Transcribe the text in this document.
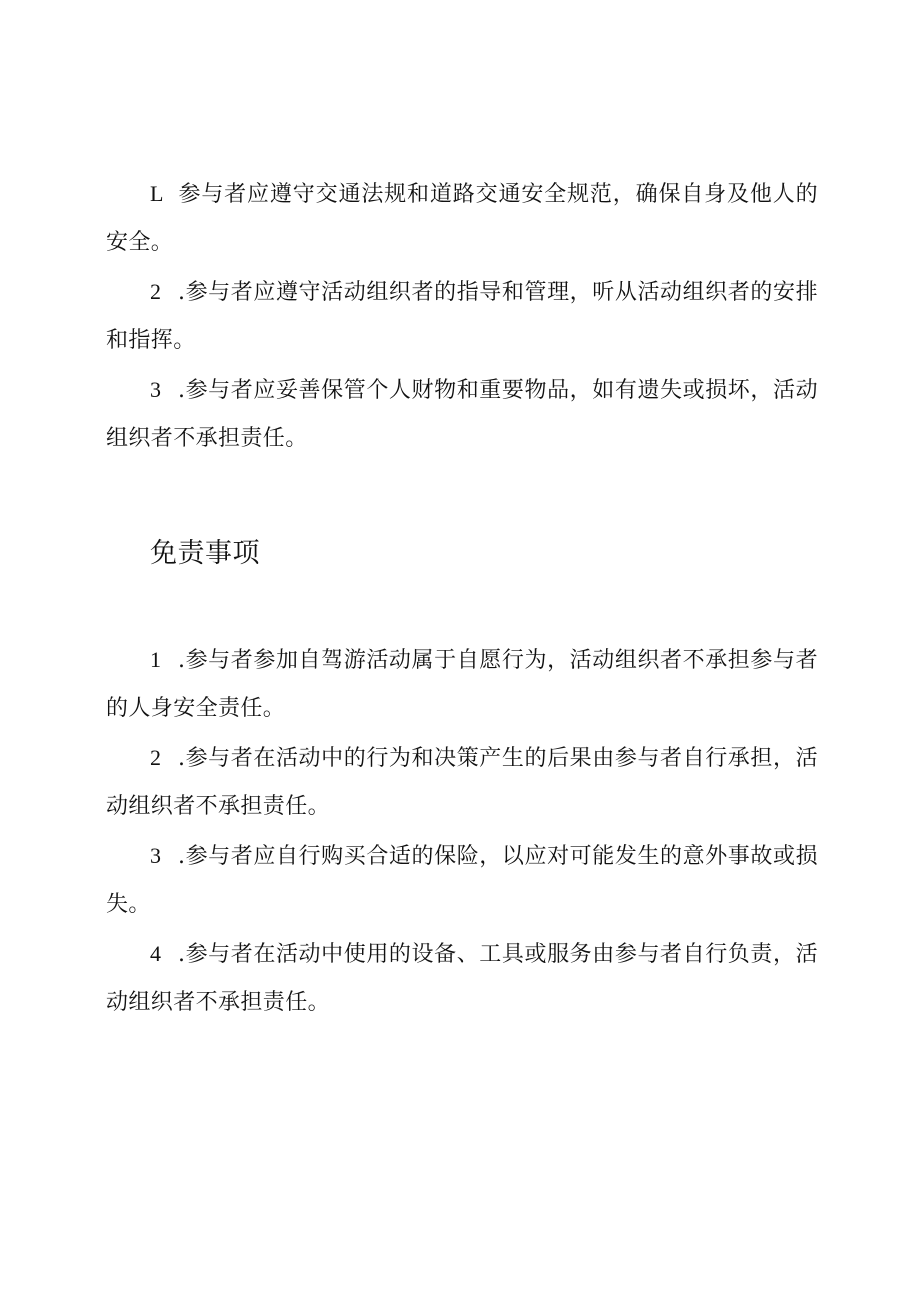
L 参与者应遵守交通法规和道路交通安全规范，确保自身及他人的安全。

2 .参与者应遵守活动组织者的指导和管理，听从活动组织者的安排和指挥。

3 .参与者应妥善保管个人财物和重要物品，如有遗失或损坏，活动组织者不承担责任。

免责事项

1 .参与者参加自驾游活动属于自愿行为，活动组织者不承担参与者的人身安全责任。

2 .参与者在活动中的行为和决策产生的后果由参与者自行承担，活动组织者不承担责任。

3 .参与者应自行购买合适的保险，以应对可能发生的意外事故或损失。

4 .参与者在活动中使用的设备、工具或服务由参与者自行负责，活动组织者不承担责任。
